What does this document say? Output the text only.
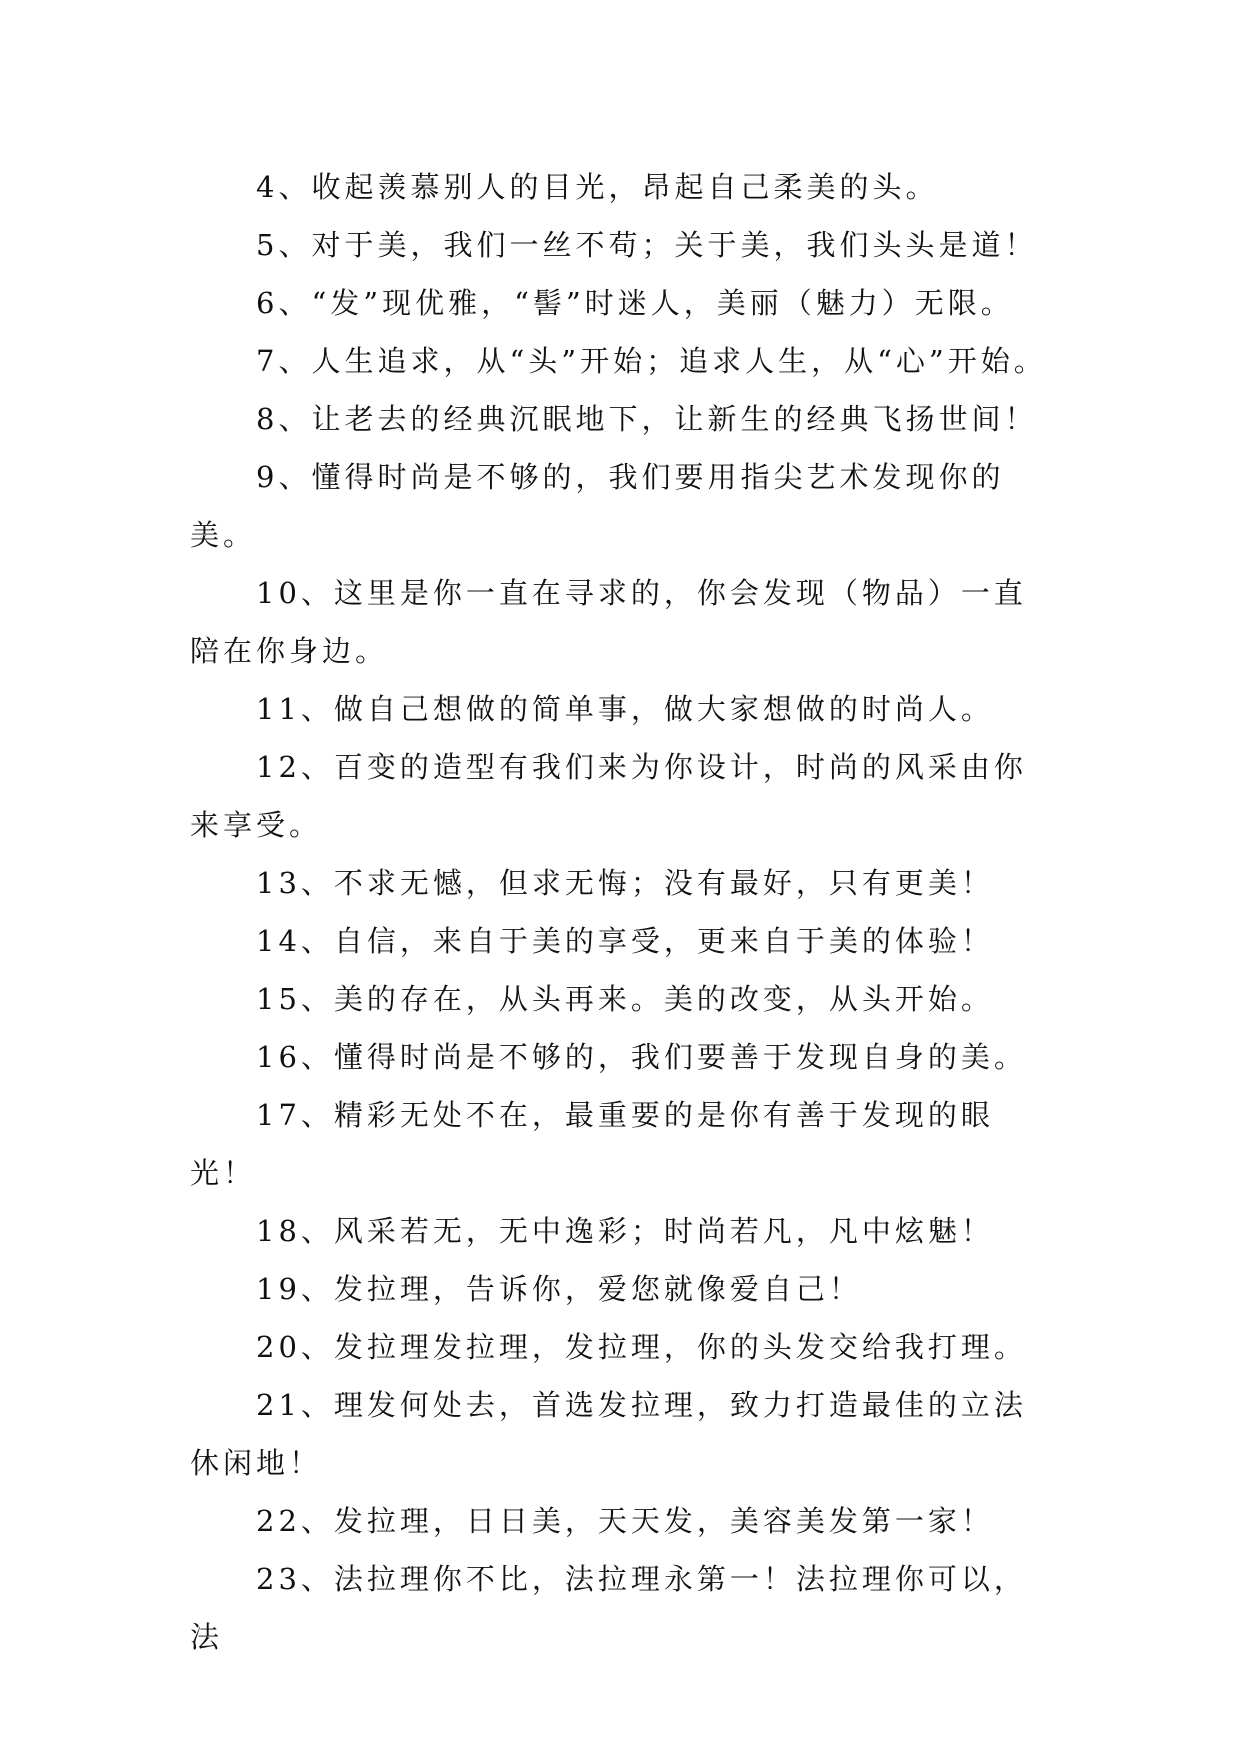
4、收起羡慕别人的目光，昂起自己柔美的头。

5、对于美，我们一丝不苟；关于美，我们头头是道！

6、“发”现优雅，“髻”时迷人，美丽（魅力）无限。

7、人生追求，从“头”开始；追求人生，从“心”开始。

8、让老去的经典沉眠地下，让新生的经典飞扬世间！

9、懂得时尚是不够的，我们要用指尖艺术发现你的美。

10、这里是你一直在寻求的，你会发现（物品）一直陪在你身边。

11、做自己想做的简单事，做大家想做的时尚人。

12、百变的造型有我们来为你设计，时尚的风采由你来享受。

13、不求无憾，但求无悔；没有最好，只有更美！

14、自信，来自于美的享受，更来自于美的体验！

15、美的存在，从头再来。美的改变，从头开始。

16、懂得时尚是不够的，我们要善于发现自身的美。

17、精彩无处不在，最重要的是你有善于发现的眼光！

18、风采若无，无中逸彩；时尚若凡，凡中炫魅！

19、发拉理，告诉你，爱您就像爱自己！

20、发拉理发拉理，发拉理，你的头发交给我打理。

21、理发何处去，首选发拉理，致力打造最佳的立法休闲地！

22、发拉理，日日美，天天发，美容美发第一家！

23、法拉理你不比，法拉理永第一！法拉理你可以，法
